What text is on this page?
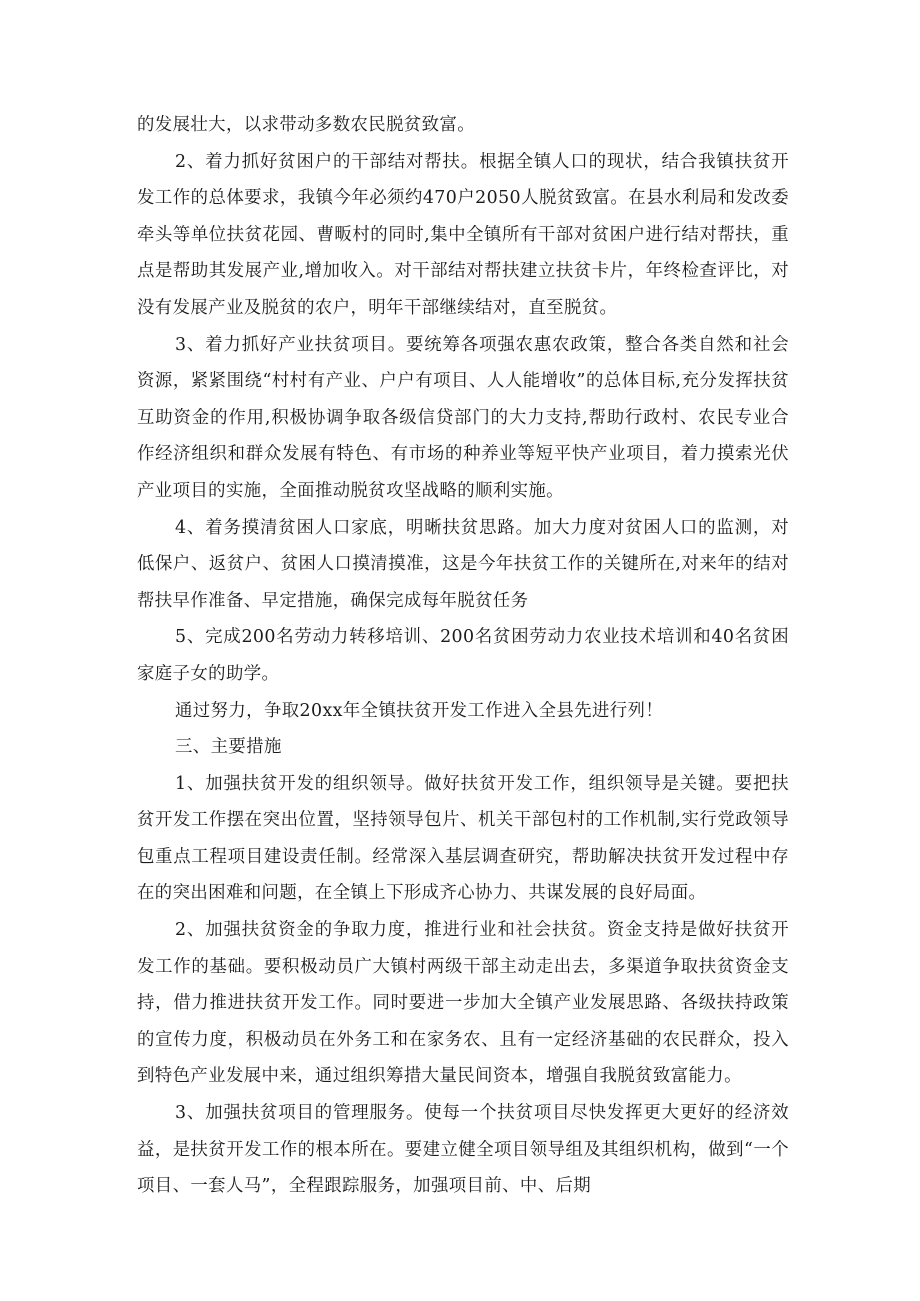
的发展壮大，以求带动多数农民脱贫致富。

2、着力抓好贫困户的干部结对帮扶。根据全镇人口的现状，结合我镇扶贫开发工作的总体要求，我镇今年必须约470户2050人脱贫致富。在县水利局和发改委牵头等单位扶贫花园、曹畈村的同时,集中全镇所有干部对贫困户进行结对帮扶，重点是帮助其发展产业,增加收入。对干部结对帮扶建立扶贫卡片，年终检查评比，对没有发展产业及脱贫的农户，明年干部继续结对，直至脱贫。

3、着力抓好产业扶贫项目。要统筹各项强农惠农政策，整合各类自然和社会资源，紧紧围绕“村村有产业、户户有项目、人人能增收”的总体目标,充分发挥扶贫互助资金的作用,积极协调争取各级信贷部门的大力支持,帮助行政村、农民专业合作经济组织和群众发展有特色、有市场的种养业等短平快产业项目，着力摸索光伏产业项目的实施，全面推动脱贫攻坚战略的顺利实施。

4、着务摸清贫困人口家底，明晰扶贫思路。加大力度对贫困人口的监测，对低保户、返贫户、贫困人口摸清摸准，这是今年扶贫工作的关键所在,对来年的结对帮扶早作准备、早定措施，确保完成每年脱贫任务

5、完成200名劳动力转移培训、200名贫困劳动力农业技术培训和40名贫困家庭子女的助学。

通过努力，争取20xx年全镇扶贫开发工作进入全县先进行列！

三、主要措施

1、加强扶贫开发的组织领导。做好扶贫开发工作，组织领导是关键。要把扶贫开发工作摆在突出位置，坚持领导包片、机关干部包村的工作机制,实行党政领导包重点工程项目建设责任制。经常深入基层调查研究，帮助解决扶贫开发过程中存在的突出困难和问题，在全镇上下形成齐心协力、共谋发展的良好局面。

2、加强扶贫资金的争取力度，推进行业和社会扶贫。资金支持是做好扶贫开发工作的基础。要积极动员广大镇村两级干部主动走出去，多渠道争取扶贫资金支持，借力推进扶贫开发工作。同时要进一步加大全镇产业发展思路、各级扶持政策的宣传力度，积极动员在外务工和在家务农、且有一定经济基础的农民群众，投入到特色产业发展中来，通过组织筹措大量民间资本，增强自我脱贫致富能力。

3、加强扶贫项目的管理服务。使每一个扶贫项目尽快发挥更大更好的经济效益，是扶贫开发工作的根本所在。要建立健全项目领导组及其组织机构，做到“一个项目、一套人马”，全程跟踪服务，加强项目前、中、后期
